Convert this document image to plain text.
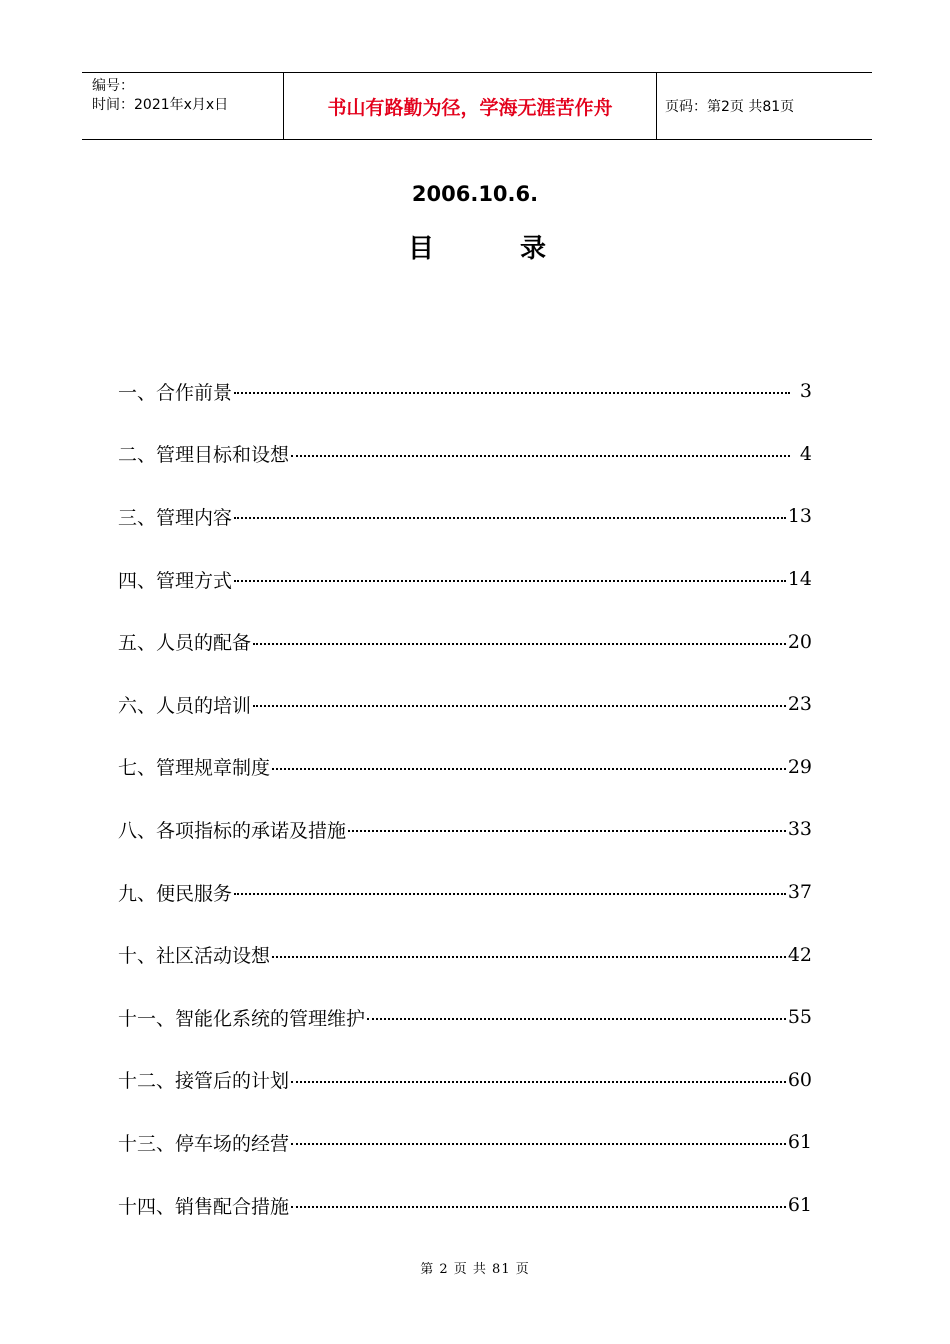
编号：
时间：2021年x月x日	书山有路勤为径，学海无涯苦作舟	页码：第2页 共81页
2006.10.6.
目	录
一、合作前景	3
二、管理目标和设想	4
三、管理内容	13
四、管理方式	14
五、人员的配备	20
六、人员的培训	23
七、管理规章制度	29
八、各项指标的承诺及措施	33
九、便民服务	37
十、社区活动设想	42
十一、智能化系统的管理维护	55
十二、接管后的计划	60
十三、停车场的经营	61
十四、销售配合措施	61
第 2 页 共 81 页
